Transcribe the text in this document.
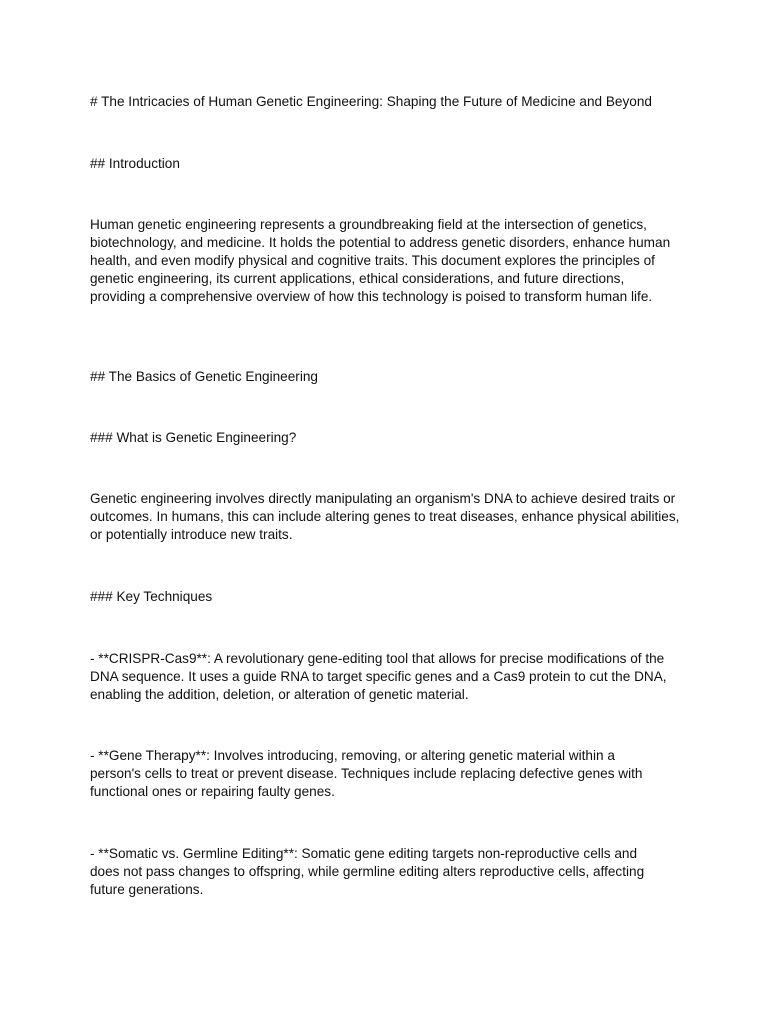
# The Intricacies of Human Genetic Engineering: Shaping the Future of Medicine and Beyond

## Introduction

Human genetic engineering represents a groundbreaking field at the intersection of genetics, biotechnology, and medicine. It holds the potential to address genetic disorders, enhance human health, and even modify physical and cognitive traits. This document explores the principles of genetic engineering, its current applications, ethical considerations, and future directions, providing a comprehensive overview of how this technology is poised to transform human life.

## The Basics of Genetic Engineering

### What is Genetic Engineering?

Genetic engineering involves directly manipulating an organism's DNA to achieve desired traits or outcomes. In humans, this can include altering genes to treat diseases, enhance physical abilities, or potentially introduce new traits.

### Key Techniques

- **CRISPR-Cas9**: A revolutionary gene-editing tool that allows for precise modifications of the DNA sequence. It uses a guide RNA to target specific genes and a Cas9 protein to cut the DNA, enabling the addition, deletion, or alteration of genetic material.

- **Gene Therapy**: Involves introducing, removing, or altering genetic material within a person's cells to treat or prevent disease. Techniques include replacing defective genes with functional ones or repairing faulty genes.

- **Somatic vs. Germline Editing**: Somatic gene editing targets non-reproductive cells and does not pass changes to offspring, while germline editing alters reproductive cells, affecting future generations.
